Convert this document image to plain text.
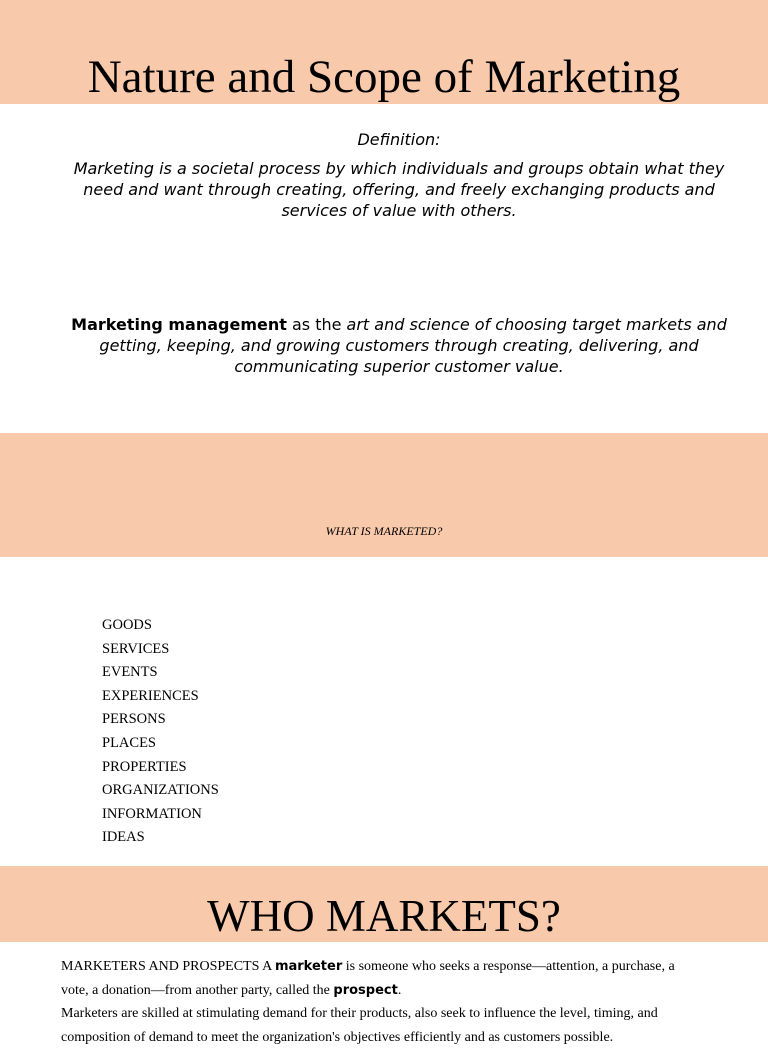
Nature and Scope of Marketing
Definition:
Marketing is a societal process by which individuals and groups obtain what they need and want through creating, offering, and freely exchanging products and services of value with others.
Marketing management as the art and science of choosing target markets and getting, keeping, and growing customers through creating, delivering, and communicating superior customer value.
WHAT IS MARKETED?
GOODS
SERVICES
EVENTS
EXPERIENCES
PERSONS
PLACES
PROPERTIES
ORGANIZATIONS
INFORMATION
IDEAS
WHO MARKETS?

MARKETERS AND PROSPECTS A marketer is someone who seeks a response—attention, a purchase, a vote, a donation—from another party, called the prospect.

Marketers are skilled at stimulating demand for their products, also seek to influence the level, timing, and composition of demand to meet the organization's objectives efficiently and as customers possible.
